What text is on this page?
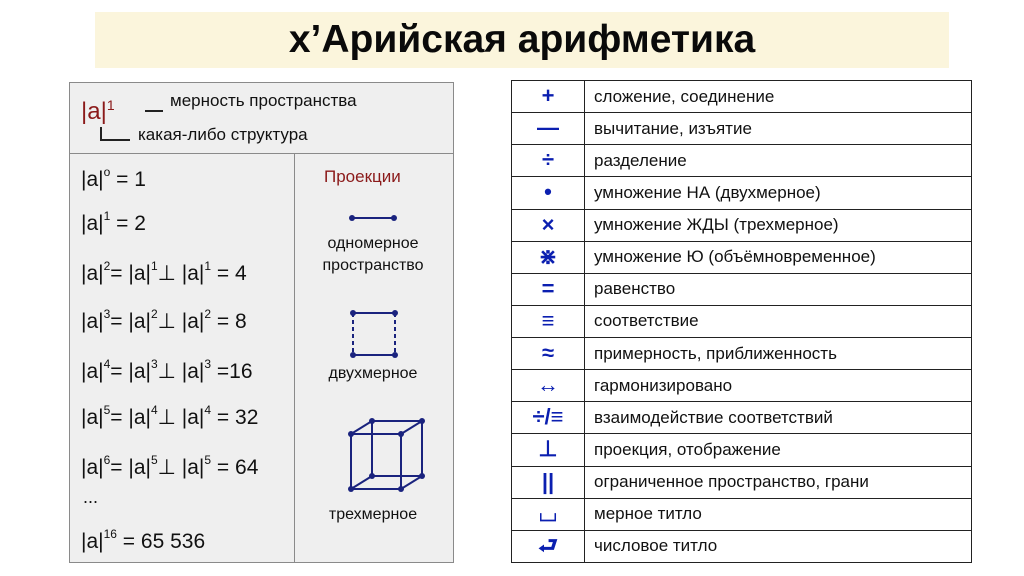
х’Арийская арифметика
$|a|^1$	мерность пространства
какая-либо структура
$|a|^o = 1$
$|a|^1 = 2$
$|a|^2=$ $|a|^1\perp$ $|a|^1 = 4$
$|a|^3=$ $|a|^2\perp$ $|a|^2 = 8$
$|a|^4=$ $|a|^3\perp$ $|a|^3 =16$
$|a|^5=$ $|a|^4\perp$ $|a|^4 = 32$
$|a|^6=$ $|a|^5\perp$ $|a|^5 = 64$
...
$|a|^{16} = 65$ 536
Проекции
одномерное
пространство
двухмерное
трехмерное
+	сложение, соединение
—	вычитание, изъятие
÷	разделение
•	умножение НА (двухмерное)
×	умножение ЖДЫ (трехмерное)
⋇	умножение Ю (объёмновременное)
=	равенство
≡	соответствие
≈	примерность, приближенность
↔	гармонизировано
÷/≡	взаимодействие соответствий
⊥	проекция, отображение
||	ограниченное пространство, грани
⌴	мерное титло
⮐	числовое титло
